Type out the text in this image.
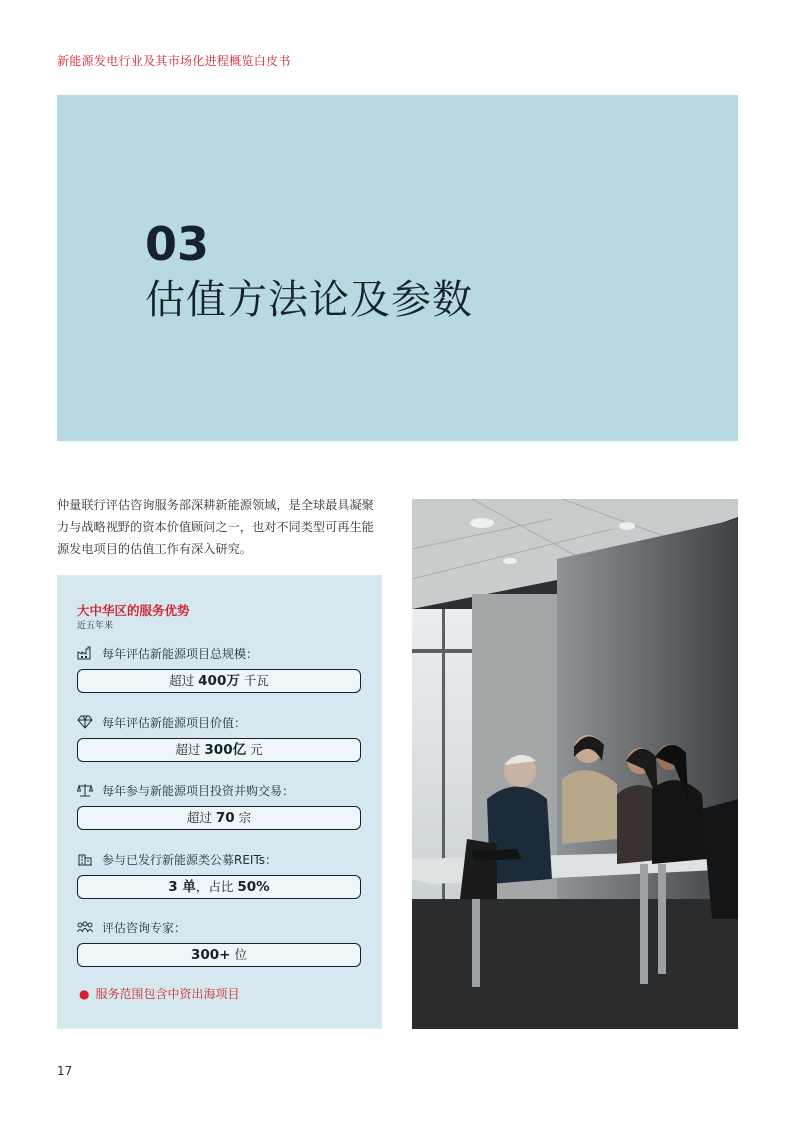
新能源发电行业及其市场化进程概览白皮书
03
估值方法论及参数
仲量联行评估咨询服务部深耕新能源领域，是全球最具凝聚力与战略视野的资本价值顾问之一，也对不同类型可再生能源发电项目的估值工作有深入研究。
大中华区的服务优势
近五年来
每年评估新能源项目总规模：
超过 400万 千瓦
每年评估新能源项目价值：
超过 300亿 元
每年参与新能源项目投资并购交易：
超过 70 宗
参与已发行新能源类公募REITs：
3 单，占比 50%
评估咨询专家：
300+ 位
● 服务范围包含中资出海项目
17
